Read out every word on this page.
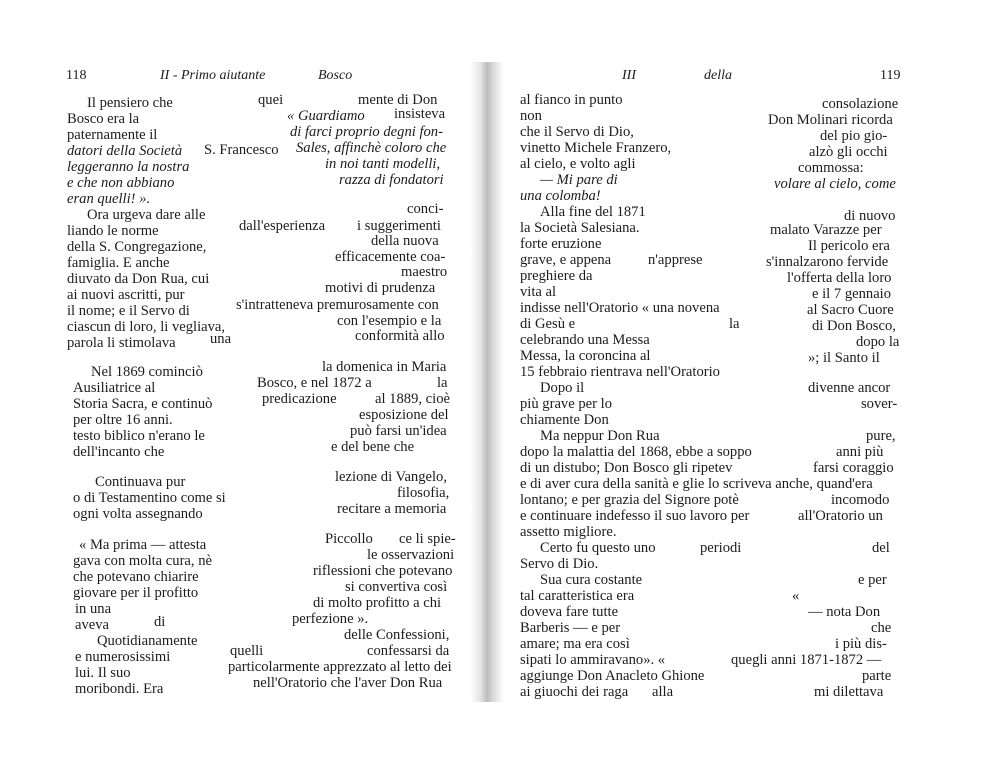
118	II - Primo aiutante	Bosco
Il pensiero che	quei	mente di Don
Bosco era la	« Guardiamo insisteva
paternamente il	di farci proprio degni fon-
datori della Società S. Francesco Sales, affinchè coloro che
leggeranno la nostra	in noi tanti modelli,
e che non abbiano	razza di fondatori
eran quelli! ».
Ora urgeva dare alle	conci-
liando le norme	dall'esperienza i suggerimenti
della S. Congregazione,	della nuova
famiglia. E anche	efficacemente coa-
diuvato da Don Rua, cui	maestro
ai nuovi ascritti, pur	motivi di prudenza
il nome; e il Servo di	s'intratteneva premurosamente con
ciascun di loro, li vegliava,	con l'esempio e la
parola li stimolava una	conformità allo
Nel 1869 cominciò	la domenica in Maria
Ausiliatrice al	Bosco, e nel 1872 a	la
Storia Sacra, e continuò	predicazione	al 1889, cioè
per oltre 16 anni.	esposizione del
testo biblico n'erano le	può farsi un'idea
dell'incanto che	e del bene che
Continuava pur	lezione di Vangelo,
o di Testamentino come si	filosofia,
ogni volta assegnando	recitare a memoria
« Ma prima — attesta	Piccollo ce li spie-
gava con molta cura, nè	le osservazioni
che potevano chiarire	riflessioni che potevano
giovare per il profitto	si convertiva così
in una	di molto profitto a chi
aveva	di	perfezione ».
Quotidianamente	delle Confessioni,
e numerosissimi	quelli	confessarsi da
lui. Il suo	particolarmente apprezzato al letto dei
moribondi. Era	nell'Oratorio che l'aver Don Rua
III	della	119
al fianco in punto	consolazione
non	Don Molinari ricorda
che il Servo di Dio,	del pio gio-
vinetto Michele Franzero,	alzò gli occhi
al cielo, e volto agli	commossa:
— Mi pare di	volare al cielo, come
una colomba!
Alla fine del 1871	di nuovo
la Società Salesiana.	malato Varazze per
forte eruzione	Il pericolo era
grave, e appena	n'apprese	s'innalzarono fervide
preghiere da	l'offerta della loro
vita al	e il 7 gennaio
indisse nell'Oratorio « una novena	al Sacro Cuore
di Gesù e	la	di Don Bosco,
celebrando una Messa	dopo la
Messa, la coroncina al	»; il Santo il
15 febbraio rientrava nell'Oratorio
Dopo il	divenne ancor
più grave per lo	sover-
chiamente Don
Ma neppur Don Rua	pure,
dopo la malattia del 1868, ebbe a soppo	anni più
di un distubo; Don Bosco gli ripetev	farsi coraggio
e di aver cura della sanità e glie lo scriveva anche, quand'era
lontano; e per grazia del Signore potè	incomodo
e continuare indefesso il suo lavoro per	all'Oratorio un
assetto migliore.
Certo fu questo uno	periodi	del
Servo di Dio.
Sua cura costante	e per
tal caratteristica era	«
doveva fare tutte	— nota Don
Barberis — e per	che
amare; ma era così	i più dis-
sipati lo ammiravano». «	quegli anni 1871-1872 —
aggiunge Don Anacleto Ghione	parte
ai giuochi dei raga alla	mi dilettava
